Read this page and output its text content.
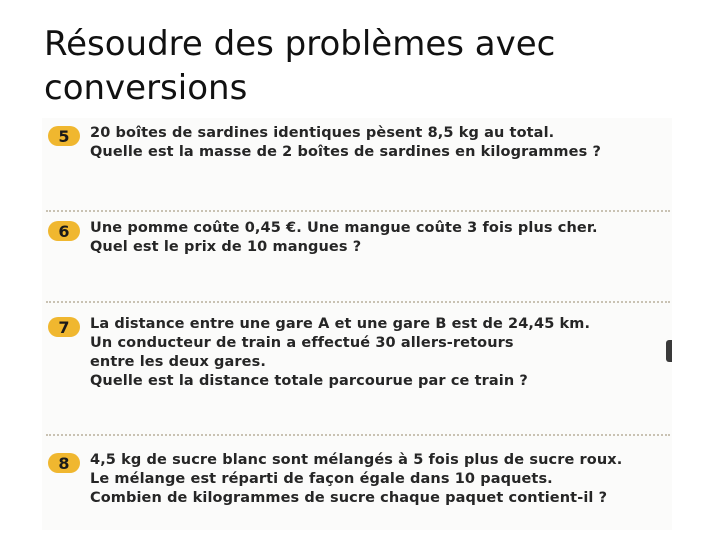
Résoudre des problèmes avec conversions
5	20 boîtes de sardines identiques pèsent 8,5 kg au total.
Quelle est la masse de 2 boîtes de sardines en kilogrammes ?
6	Une pomme coûte 0,45 €. Une mangue coûte 3 fois plus cher.
Quel est le prix de 10 mangues ?
7	La distance entre une gare A et une gare B est de 24,45 km.
Un conducteur de train a effectué 30 allers-retours
entre les deux gares.
Quelle est la distance totale parcourue par ce train ?
8	4,5 kg de sucre blanc sont mélangés à 5 fois plus de sucre roux.
Le mélange est réparti de façon égale dans 10 paquets.
Combien de kilogrammes de sucre chaque paquet contient-il ?
